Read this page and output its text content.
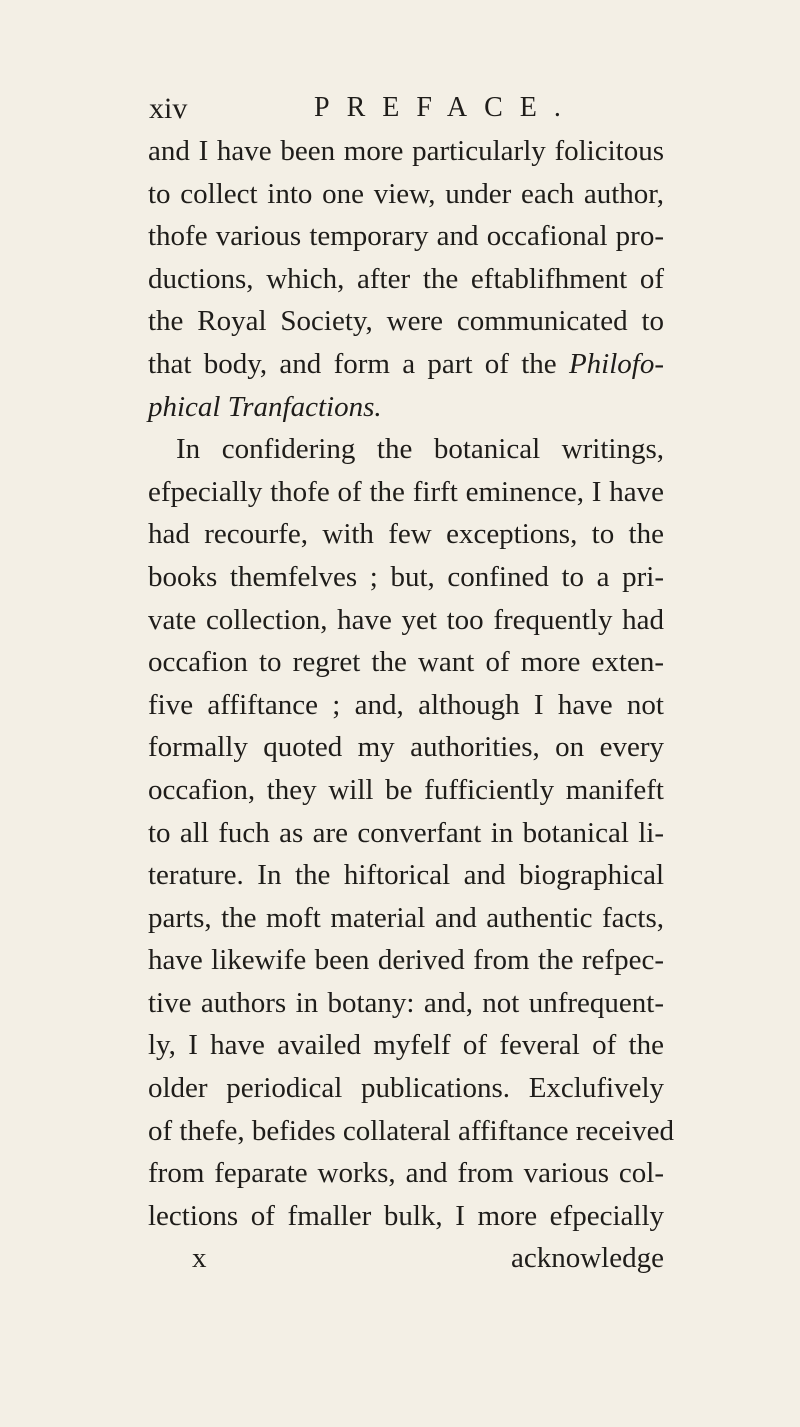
xiv	PREFACE.
and I have been more particularly folicitous
to collect into one view, under each author,
thofe various temporary and occafional pro-
ductions, which, after the eftablifhment of
the Royal Society, were communicated to
that body, and form a part of the Philofo-
phical Tranfactions.
In confidering the botanical writings,
efpecially thofe of the firft eminence, I have
had recourfe, with few exceptions, to the
books themfelves ; but, confined to a pri-
vate collection, have yet too frequently had
occafion to regret the want of more exten-
five affiftance ; and, although I have not
formally quoted my authorities, on every
occafion, they will be fufficiently manifeft
to all fuch as are converfant in botanical li-
terature. In the hiftorical and biographical
parts, the moft material and authentic facts,
have likewife been derived from the refpec-
tive authors in botany: and, not unfrequent-
ly, I have availed myfelf of feveral of the
older periodical publications. Exclufively
of thefe, befides collateral affiftance received
from feparate works, and from various col-
lections of fmaller bulk, I more efpecially
x	acknowledge
